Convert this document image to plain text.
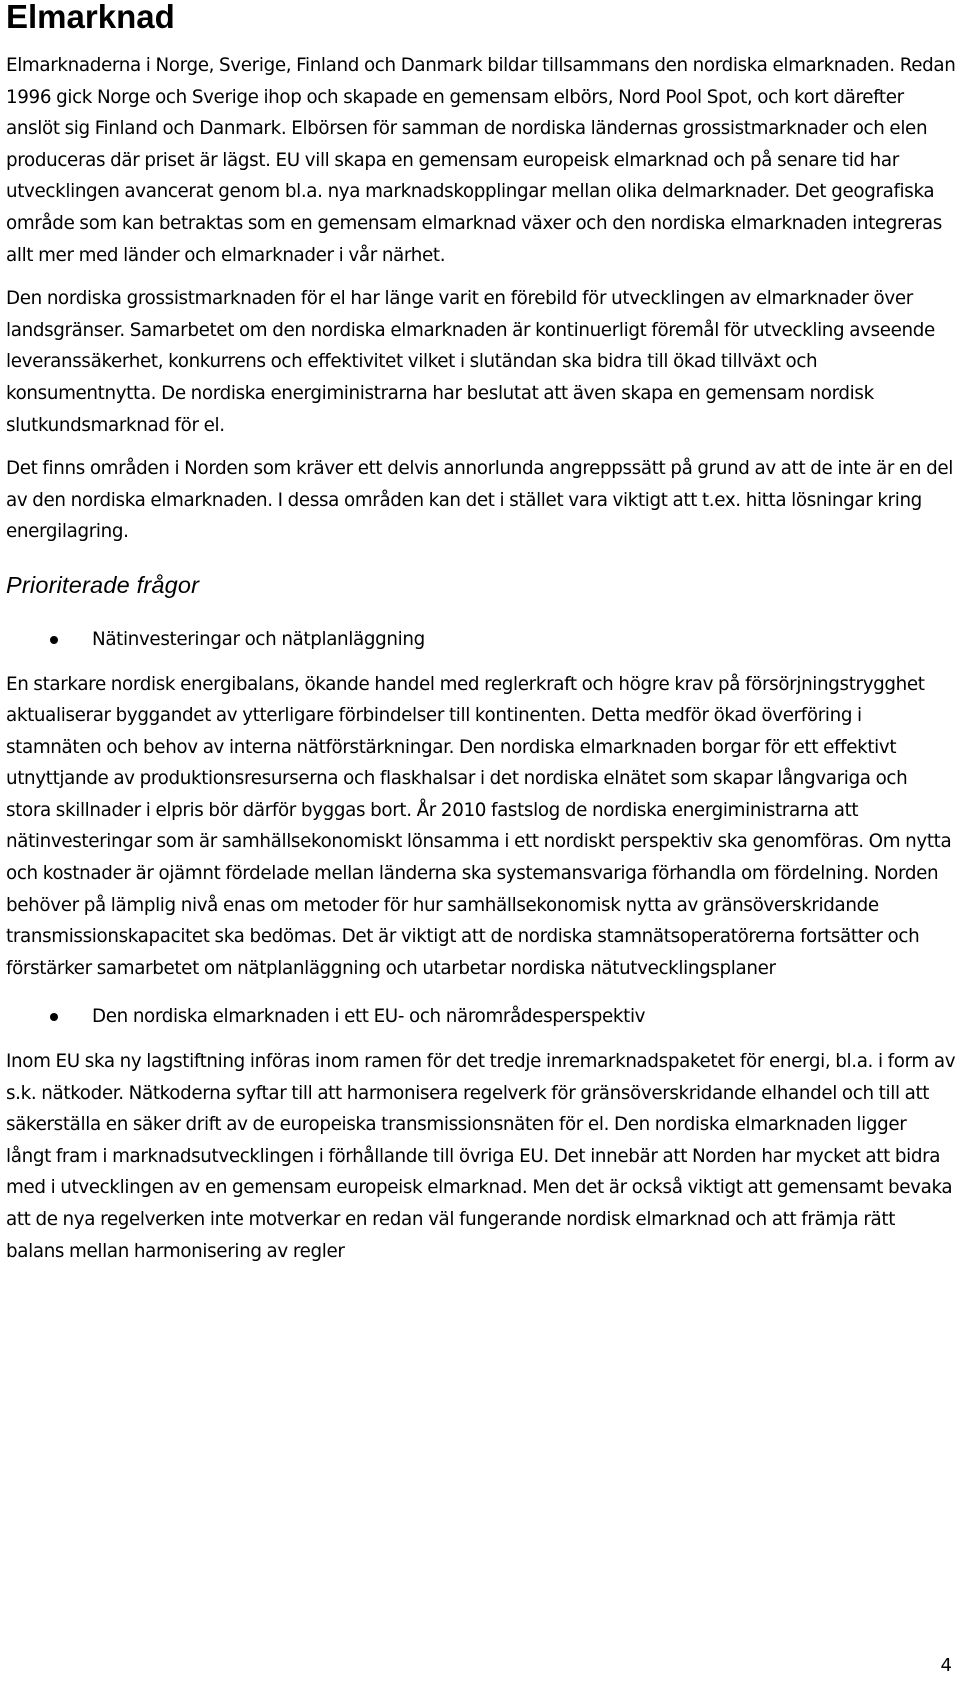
Elmarknad

Elmarknaderna i Norge, Sverige, Finland och Danmark bildar tillsammans den nordiska elmarknaden. Redan 1996 gick Norge och Sverige ihop och skapade en gemensam elbörs, Nord Pool Spot, och kort därefter anslöt sig Finland och Danmark. Elbörsen för samman de nordiska ländernas grossistmarknader och elen produceras där priset är lägst. EU vill skapa en gemensam europeisk elmarknad och på senare tid har utvecklingen avancerat genom bl.a. nya marknadskopplingar mellan olika delmarknader. Det geografiska område som kan betraktas som en gemensam elmarknad växer och den nordiska elmarknaden integreras allt mer med länder och elmarknader i vår närhet.

Den nordiska grossistmarknaden för el har länge varit en förebild för utvecklingen av elmarknader över landsgränser. Samarbetet om den nordiska elmarknaden är kontinuerligt föremål för utveckling avseende leveranssäkerhet, konkurrens och effektivitet vilket i slutändan ska bidra till ökad tillväxt och konsumentnytta. De nordiska energiministrarna har beslutat att även skapa en gemensam nordisk slutkundsmarknad för el.

Det finns områden i Norden som kräver ett delvis annorlunda angreppssätt på grund av att de inte är en del av den nordiska elmarknaden. I dessa områden kan det i stället vara viktigt att t.ex. hitta lösningar kring energilagring.

Prioriterade frågor
Nätinvesteringar och nätplanläggning

En starkare nordisk energibalans, ökande handel med reglerkraft och högre krav på försörjningstrygghet aktualiserar byggandet av ytterligare förbindelser till kontinenten. Detta medför ökad överföring i stamnäten och behov av interna nätförstärkningar. Den nordiska elmarknaden borgar för ett effektivt utnyttjande av produktionsresurserna och flaskhalsar i det nordiska elnätet som skapar långvariga och stora skillnader i elpris bör därför byggas bort. År 2010 fastslog de nordiska energiministrarna att nätinvesteringar som är samhällsekonomiskt lönsamma i ett nordiskt perspektiv ska genomföras. Om nytta och kostnader är ojämnt fördelade mellan länderna ska systemansvariga förhandla om fördelning. Norden behöver på lämplig nivå enas om metoder för hur samhällsekonomisk nytta av gränsöverskridande transmissionskapacitet ska bedömas. Det är viktigt att de nordiska stamnätsoperatörerna fortsätter och förstärker samarbetet om nätplanläggning och utarbetar nordiska nätutvecklingsplaner

Den nordiska elmarknaden i ett EU- och närområdesperspektiv

Inom EU ska ny lagstiftning införas inom ramen för det tredje inremarknadspaketet för energi, bl.a. i form av s.k. nätkoder. Nätkoderna syftar till att harmonisera regelverk för gränsöverskridande elhandel och till att säkerställa en säker drift av de europeiska transmissionsnäten för el. Den nordiska elmarknaden ligger långt fram i marknadsutvecklingen i förhållande till övriga EU. Det innebär att Norden har mycket att bidra med i utvecklingen av en gemensam europeisk elmarknad. Men det är också viktigt att gemensamt bevaka att de nya regelverken inte motverkar en redan väl fungerande nordisk elmarknad och att främja rätt balans mellan harmonisering av regler

4
